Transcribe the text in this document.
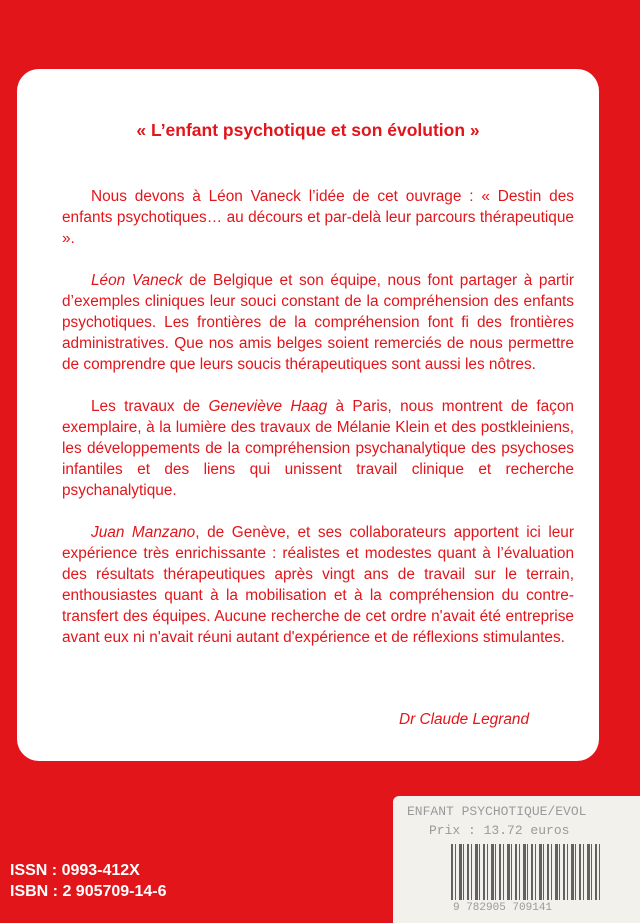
« L’enfant psychotique et son évolution »

Nous devons à Léon Vaneck l’idée de cet ouvrage : « Destin des enfants psychotiques… au décours et par-delà leur parcours thérapeutique ».

Léon Vaneck de Belgique et son équipe, nous font partager à partir d’exemples cliniques leur souci constant de la compréhension des enfants psychotiques. Les frontières de la compréhension font fi des frontières administratives. Que nos amis belges soient remerciés de nous permettre de comprendre que leurs soucis thérapeutiques sont aussi les nôtres.

Les travaux de Geneviève Haag à Paris, nous montrent de façon exemplaire, à la lumière des travaux de Mélanie Klein et des postkleiniens, les développements de la compréhension psychanalytique des psychoses infantiles et des liens qui unissent travail clinique et recherche psychanalytique.

Juan Manzano, de Genève, et ses collaborateurs apportent ici leur expérience très enrichissante : réalistes et modestes quant à l’évaluation des résultats thérapeutiques après vingt ans de travail sur le terrain, enthousiastes quant à la mobilisation et à la compréhension du contre-transfert des équipes. Aucune recherche de cet ordre n'avait été entreprise avant eux ni n'avait réuni autant d'expérience et de réflexions stimulantes.

Dr Claude Legrand
ISSN : 0993-412X
ISBN : 2 905709-14-6
ENFANT PSYCHOTIQUE/EVOL
Prix : 13.72 euros
9 782905 709141
